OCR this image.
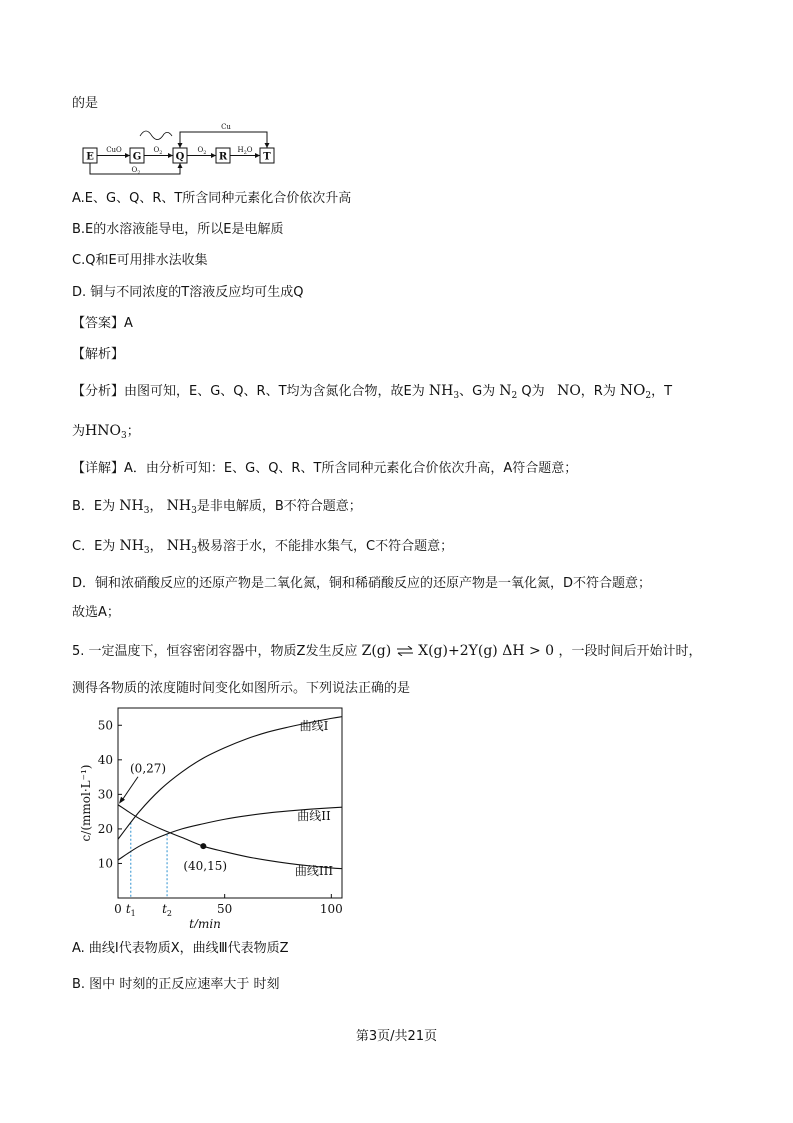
的是
E	G	Q	R	T
CuO	$O_2$	$O_2$	$H_2O$
Cu
$O_2$
A.E、G、Q、R、T所含同种元素化合价依次升高
B.E的水溶液能导电，所以E是电解质
C.Q和E可用排水法收集
D. 铜与不同浓度的T溶液反应均可生成Q
【答案】A
【解析】
【分析】由图可知，E、G、Q、R、T均为含氮化合物，故E为 $NH_3$、G为 $N_2$ Q为 NO，R为 $NO_2$，T
为$HNO_3$；
【详解】A．由分析可知：E、G、Q、R、T所含同种元素化合价依次升高，A符合题意；
B．E为 $NH_3$， $NH_3$是非电解质，B不符合题意；
C．E为 $NH_3$， $NH_3$极易溶于水，不能排水集气，C不符合题意；
D．铜和浓硝酸反应的还原产物是二氧化氮，铜和稀硝酸反应的还原产物是一氧化氮，D不符合题意；
故选A；
5. 一定温度下，恒容密闭容器中，物质Z发生反应 Z(g) ⇌ X(g)+2Y(g) ΔH > 0 ，一段时间后开始计时，
测得各物质的浓度随时间变化如图所示。下列说法正确的是
10
20
30
40
50
0	50	100
$t_1$ $t_2$
曲线I
曲线II
曲线III
(0,27)
(40,15)
c/(mmol·L⁻¹)
t/min
A. 曲线Ⅰ代表物质X，曲线Ⅲ代表物质Z
B. 图中 时刻的正反应速率大于 时刻
第3页/共21页
